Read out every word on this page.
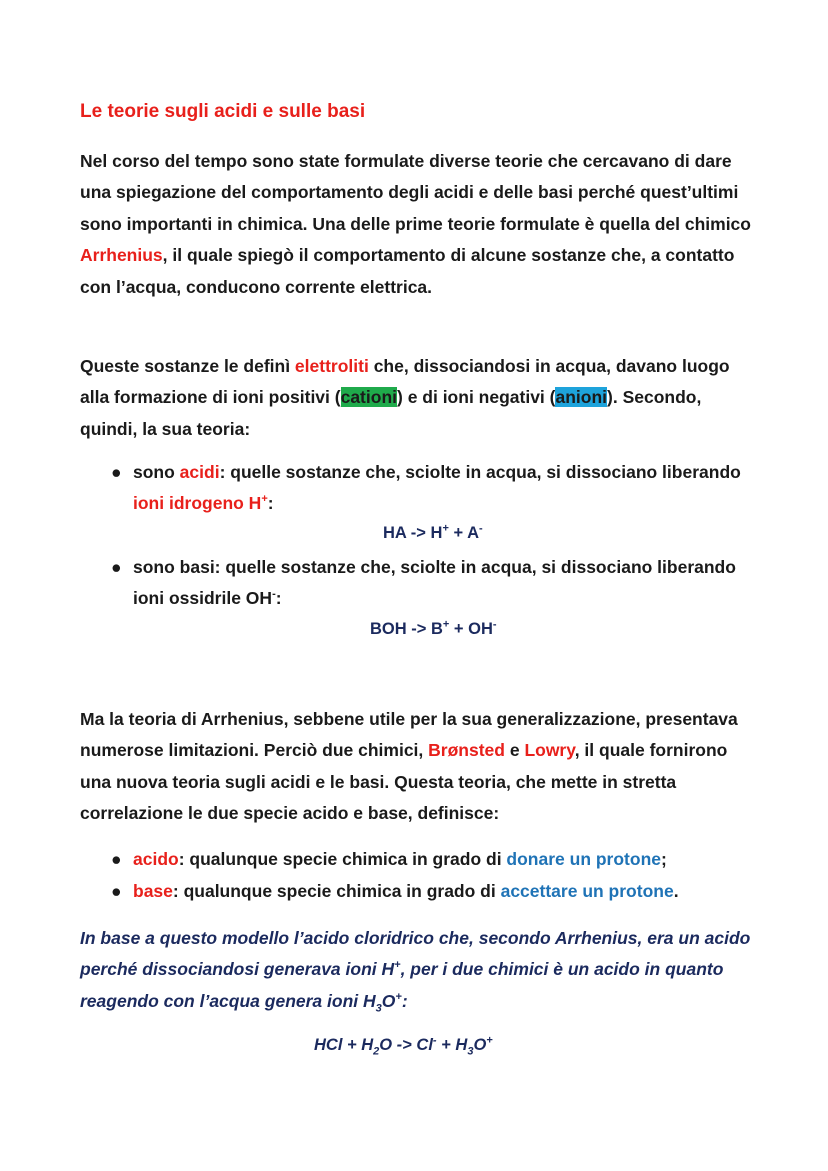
Le teorie sugli acidi e sulle basi

Nel corso del tempo sono state formulate diverse teorie che cercavano di dare una spiegazione del comportamento degli acidi e delle basi perché quest’ultimi sono importanti in chimica. Una delle prime teorie formulate è quella del chimico Arrhenius, il quale spiegò il comportamento di alcune sostanze che, a contatto con l’acqua, conducono corrente elettrica.

Queste sostanze le definì elettroliti che, dissociandosi in acqua, davano luogo alla formazione di ioni positivi (cationi) e di ioni negativi (anioni). Secondo, quindi, la sua teoria:

● sono acidi: quelle sostanze che, sciolte in acqua, si dissociano liberando ioni idrogeno H+:
HA -> H+ + A-
● sono basi: quelle sostanze che, sciolte in acqua, si dissociano liberando ioni ossidrile OH-:
BOH -> B+ + OH-

Ma la teoria di Arrhenius, sebbene utile per la sua generalizzazione, presentava numerose limitazioni. Perciò due chimici, Brønsted e Lowry, il quale fornirono una nuova teoria sugli acidi e le basi. Questa teoria, che mette in stretta correlazione le due specie acido e base, definisce:

● acido: qualunque specie chimica in grado di donare un protone;
● base: qualunque specie chimica in grado di accettare un protone.

In base a questo modello l’acido cloridrico che, secondo Arrhenius, era un acido perché dissociandosi generava ioni H+, per i due chimici è un acido in quanto reagendo con l’acqua genera ioni $H_3O^+$:

HCl + $H_2O -> Cl^- + H_3O^+$
